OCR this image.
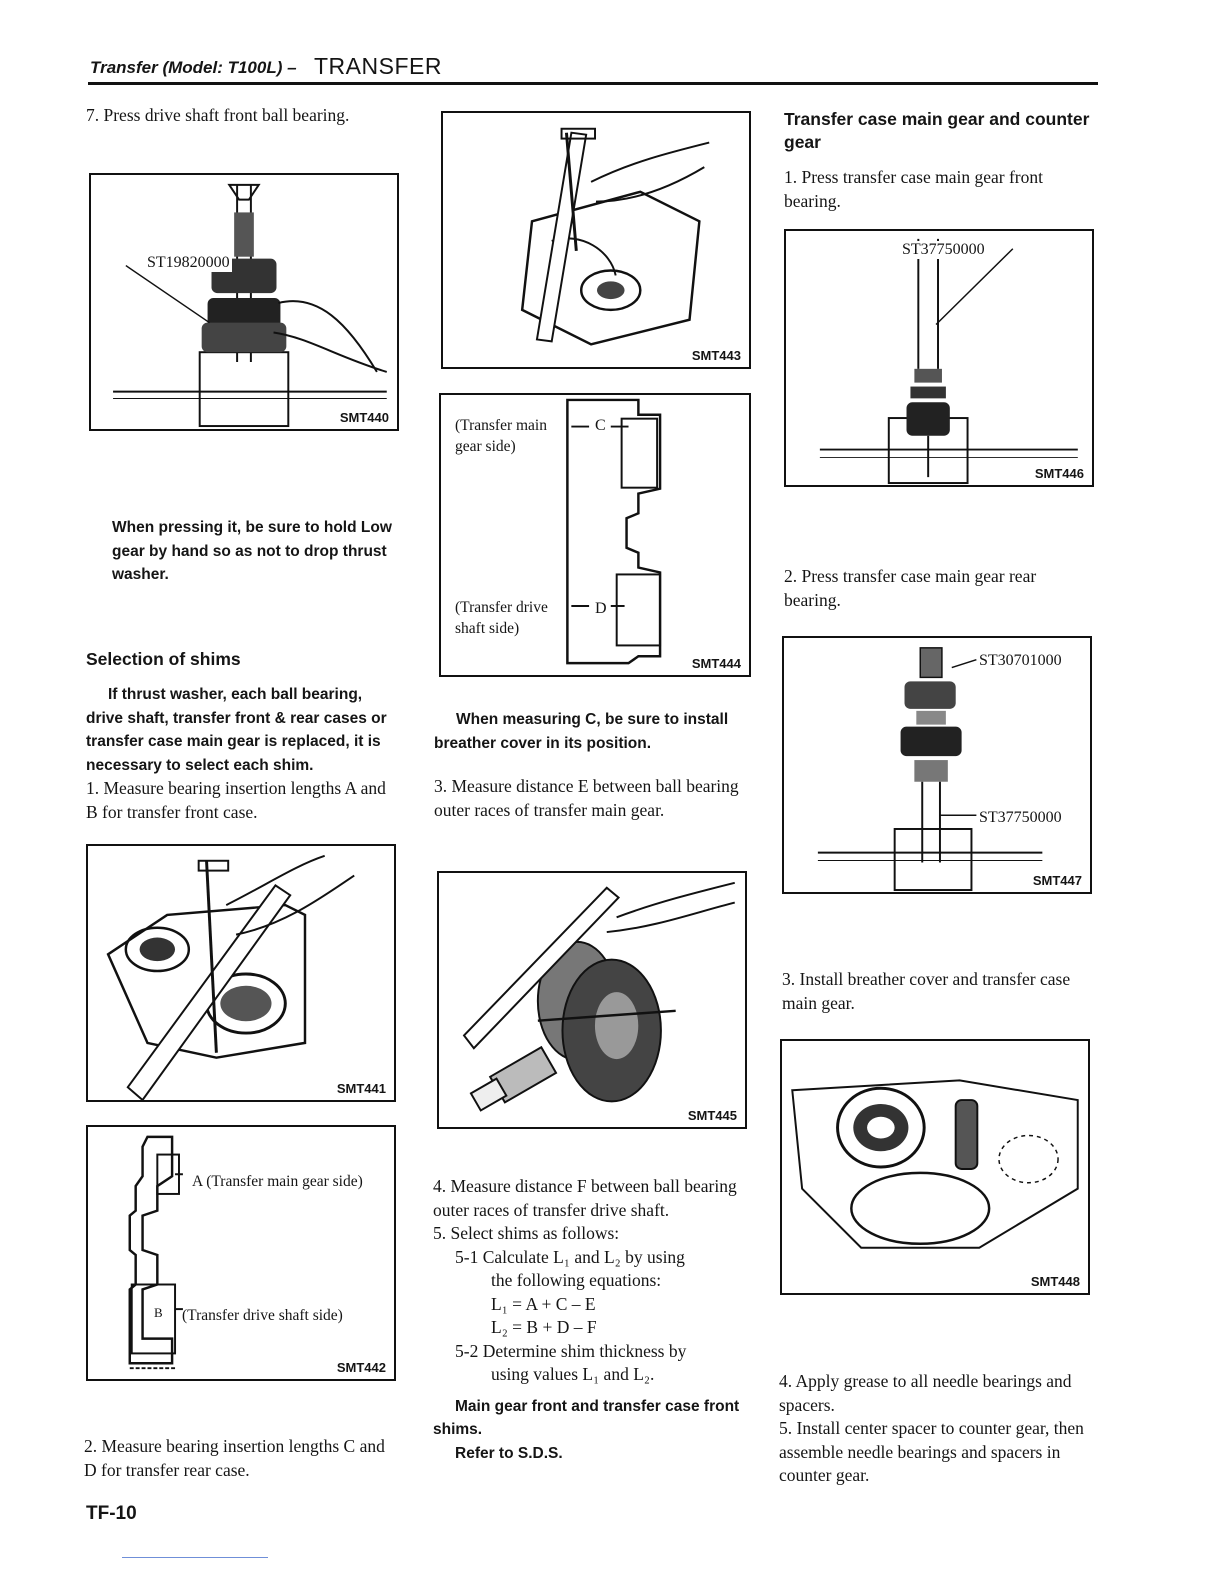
Transfer (Model: T100L) – TRANSFER

7. Press drive shaft front ball bearing.

ST19820000
SMT440

When pressing it, be sure to hold Low gear by hand so as not to drop thrust washer.

Selection of shims

If thrust washer, each ball bearing, drive shaft, transfer front & rear cases or transfer case main gear is replaced, it is necessary to select each shim.

1. Measure bearing insertion lengths A and B for transfer front case.

SMT441
A (Transfer main gear side)
B (Transfer drive shaft side)
SMT442

2. Measure bearing insertion lengths C and D for transfer rear case.

SMT443
(Transfer main gear side)
C
(Transfer drive shaft side)
D
SMT444

When measuring C, be sure to install breather cover in its position.

3. Measure distance E between ball bearing outer races of transfer main gear.

SMT445

4. Measure distance F between ball bearing outer races of transfer drive shaft.

5. Select shims as follows:

5-1 Calculate L₁ and L₂ by using

the following equations:

L₁ = A + C – E

L₂ = B + D – F

5-2 Determine shim thickness by

using values L₁ and L₂.

Main gear front and transfer case front shims.

Refer to S.D.S.

Transfer case main gear and counter gear

1. Press transfer case main gear front bearing.

ST37750000
SMT446

2. Press transfer case main gear rear bearing.

ST30701000
ST37750000
SMT447

3. Install breather cover and transfer case main gear.

SMT448

4. Apply grease to all needle bearings and spacers.

5. Install center spacer to counter gear, then assemble needle bearings and spacers in counter gear.

TF-10
